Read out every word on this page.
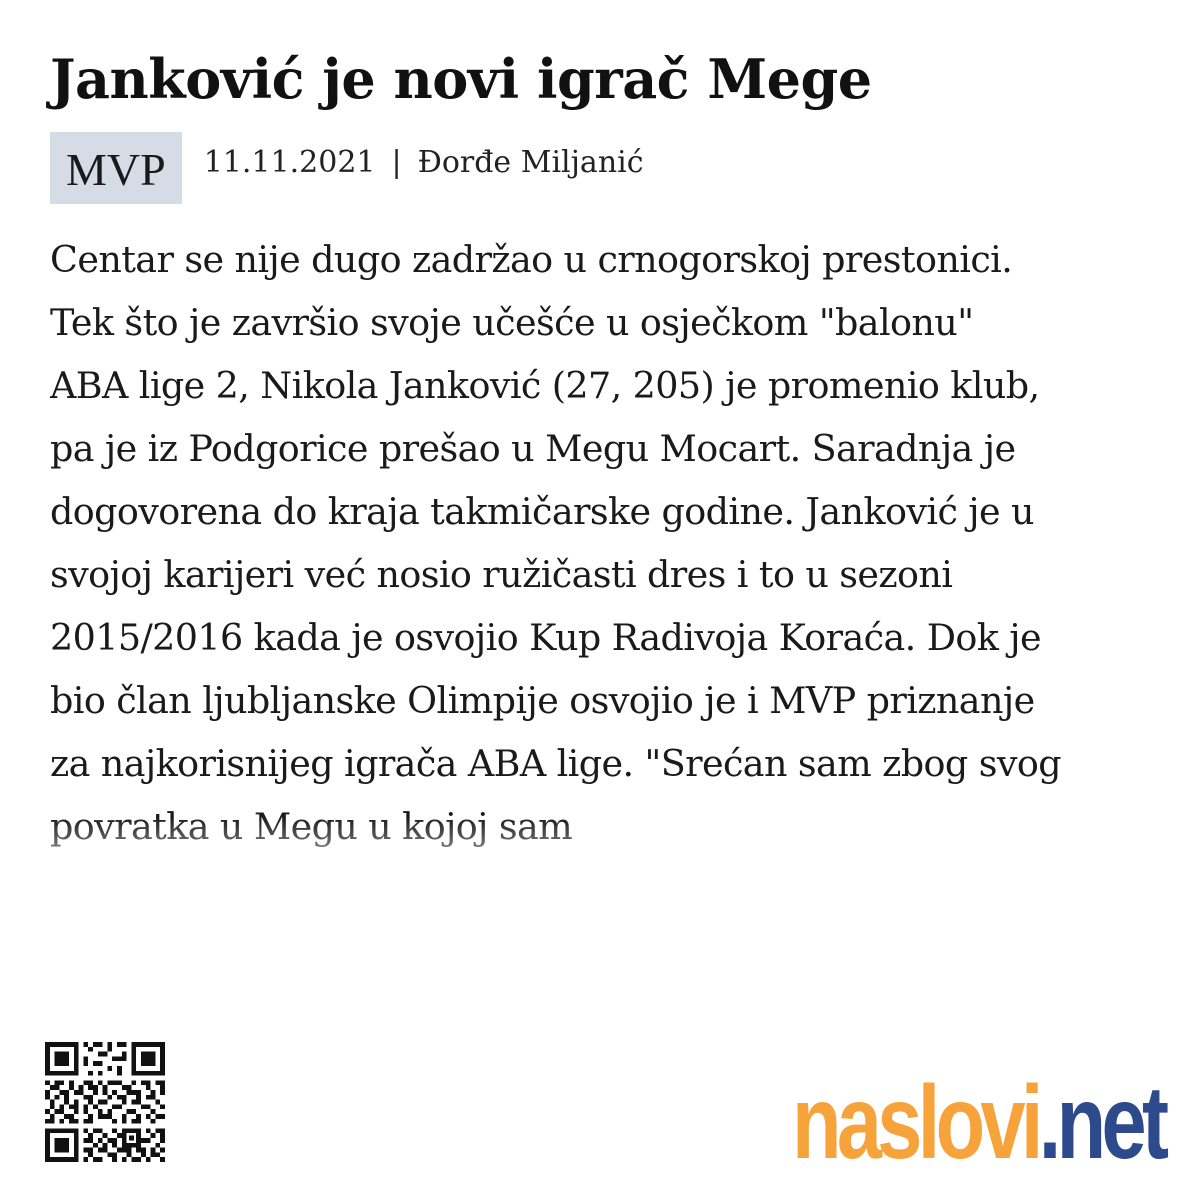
Janković je novi igrač Mege
MVP	11.11.2021 | Đorđe Miljanić
Centar se nije dugo zadržao u crnogorskoj prestonici.
Tek što je završio svoje učešće u osječkom "balonu"
ABA lige 2, Nikola Janković (27, 205) je promenio klub,
pa je iz Podgorice prešao u Megu Mocart. Saradnja je
dogovorena do kraja takmičarske godine. Janković je u
svojoj karijeri već nosio ružičasti dres i to u sezoni
2015/2016 kada je osvojio Kup Radivoja Koraća. Dok je
bio član ljubljanske Olimpije osvojio je i MVP priznanje
za najkorisnijeg igrača ABA lige. "Srećan sam zbog svog
povratka u Megu u kojoj sam
naslovi .net
